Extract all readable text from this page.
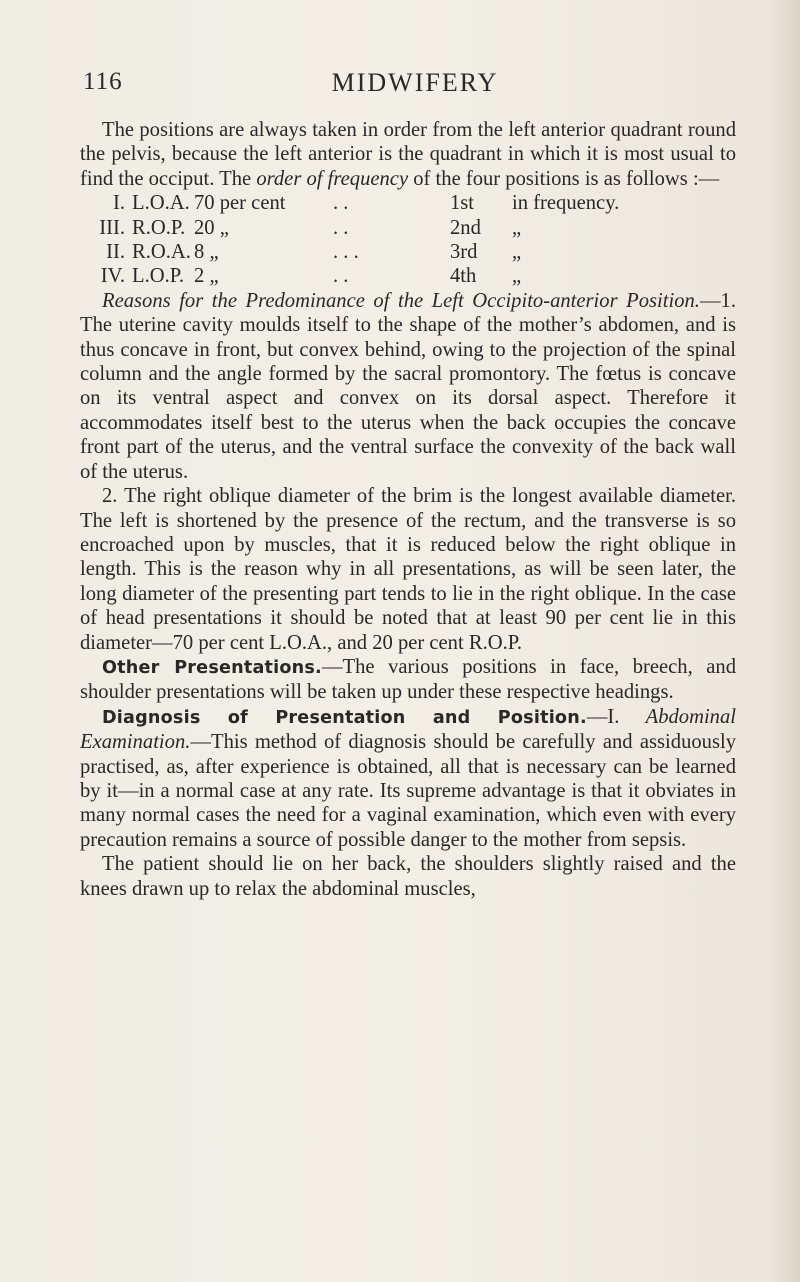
116	MIDWIFERY

The positions are always taken in order from the left anterior quadrant round the pelvis, because the left anterior is the quadrant in which it is most usual to find the occiput. The order of frequency of the four positions is as follows :—

I.	L.O.A.	70 per cent	. .	1st	in frequency.
III.	R.O.P.	20 „	. .	2nd	„
II.	R.O.A.	8 „	. . .	3rd	„
IV.	L.O.P.	2 „	. .	4th	„

Reasons for the Predominance of the Left Occipito-anterior Position.—1. The uterine cavity moulds itself to the shape of the mother’s abdomen, and is thus concave in front, but convex behind, owing to the projection of the spinal column and the angle formed by the sacral promontory. The fœtus is concave on its ventral aspect and convex on its dorsal aspect. Therefore it accommodates itself best to the uterus when the back occupies the concave front part of the uterus, and the ventral surface the convexity of the back wall of the uterus.

2. The right oblique diameter of the brim is the longest available diameter. The left is shortened by the presence of the rectum, and the transverse is so encroached upon by muscles, that it is reduced below the right oblique in length. This is the reason why in all presentations, as will be seen later, the long diameter of the presenting part tends to lie in the right oblique. In the case of head presentations it should be noted that at least 90 per cent lie in this diameter—70 per cent L.O.A., and 20 per cent R.O.P.

Other Presentations.—The various positions in face, breech, and shoulder presentations will be taken up under these respective headings.

Diagnosis of Presentation and Position.—I. Abdominal Examination.—This method of diagnosis should be carefully and assiduously practised, as, after experience is obtained, all that is necessary can be learned by it—in a normal case at any rate. Its supreme advantage is that it obviates in many normal cases the need for a vaginal examination, which even with every precaution remains a source of possible danger to the mother from sepsis.

The patient should lie on her back, the shoulders slightly raised and the knees drawn up to relax the abdominal muscles,
